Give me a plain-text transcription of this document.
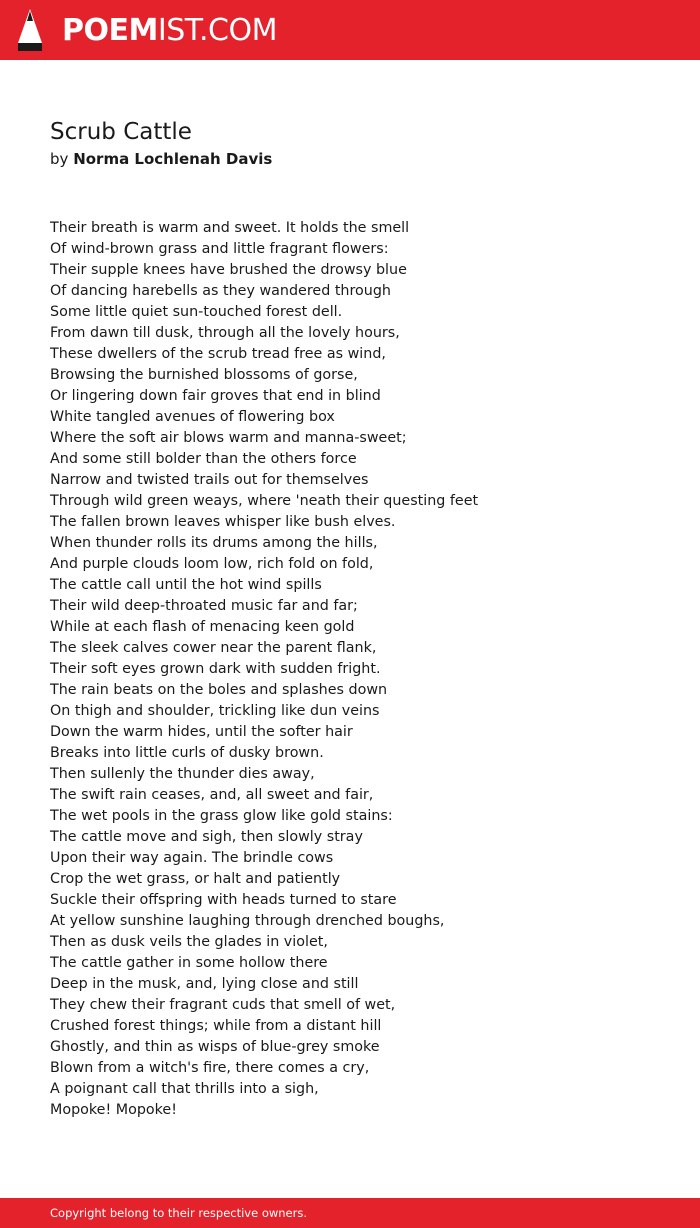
POEMIST.COM
Scrub Cattle
by Norma Lochlenah Davis
Their breath is warm and sweet. It holds the smell
Of wind-brown grass and little fragrant flowers:
Their supple knees have brushed the drowsy blue
Of dancing harebells as they wandered through
Some little quiet sun-touched forest dell.
From dawn till dusk, through all the lovely hours,
These dwellers of the scrub tread free as wind,
Browsing the burnished blossoms of gorse,
Or lingering down fair groves that end in blind
White tangled avenues of flowering box
Where the soft air blows warm and manna-sweet;
And some still bolder than the others force
Narrow and twisted trails out for themselves
Through wild green weays, where 'neath their questing feet
The fallen brown leaves whisper like bush elves.
When thunder rolls its drums among the hills,
And purple clouds loom low, rich fold on fold,
The cattle call until the hot wind spills
Their wild deep-throated music far and far;
While at each flash of menacing keen gold
The sleek calves cower near the parent flank,
Their soft eyes grown dark with sudden fright.
The rain beats on the boles and splashes down
On thigh and shoulder, trickling like dun veins
Down the warm hides, until the softer hair
Breaks into little curls of dusky brown.
Then sullenly the thunder dies away,
The swift rain ceases, and, all sweet and fair,
The wet pools in the grass glow like gold stains:
The cattle move and sigh, then slowly stray
Upon their way again. The brindle cows
Crop the wet grass, or halt and patiently
Suckle their offspring with heads turned to stare
At yellow sunshine laughing through drenched boughs,
Then as dusk veils the glades in violet,
The cattle gather in some hollow there
Deep in the musk, and, lying close and still
They chew their fragrant cuds that smell of wet,
Crushed forest things; while from a distant hill
Ghostly, and thin as wisps of blue-grey smoke
Blown from a witch's fire, there comes a cry,
A poignant call that thrills into a sigh,
Mopoke! Mopoke!
Copyright belong to their respective owners.
